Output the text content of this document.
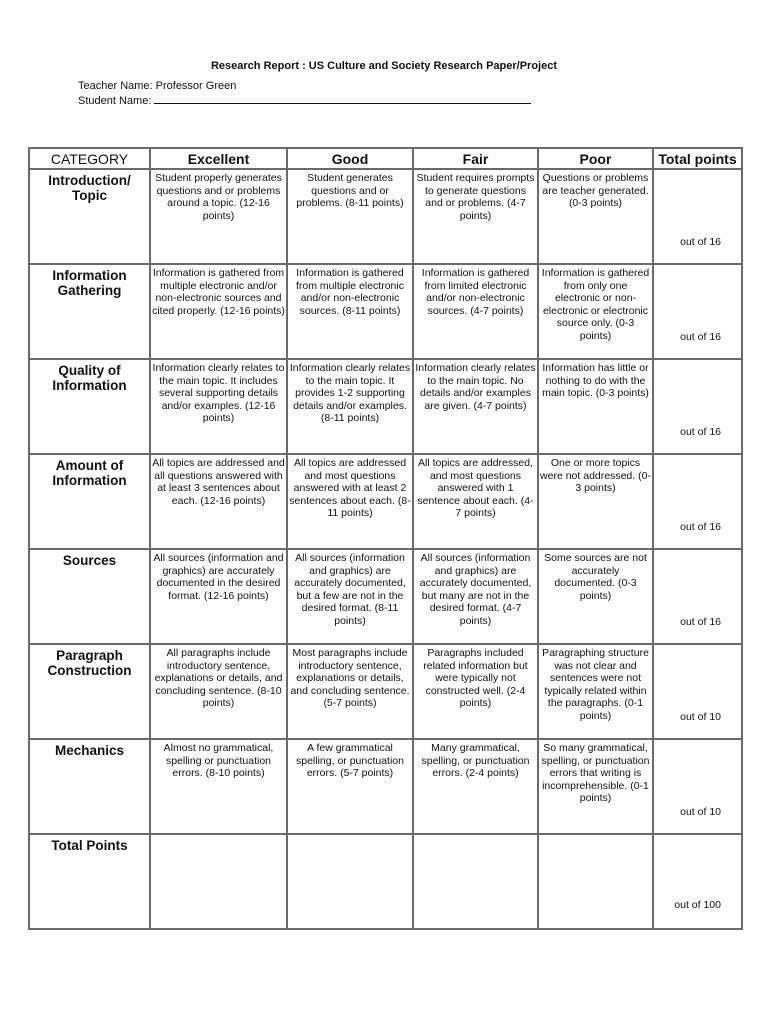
Research Report : US Culture and Society Research Paper/Project
Teacher Name: Professor Green
Student Name:
CATEGORY	Excellent	Good	Fair	Poor	Total points
Introduction/ Topic	Student properly generates questions and or problems around a topic. (12-16 points)	Student generates questions and or problems. (8-11 points)	Student requires prompts to generate questions and or problems. (4-7 points)	Questions or problems are teacher generated. (0-3 points)	out of 16

Information Gathering	Information is gathered from multiple electronic and/or non-electronic sources and cited properly. (12-16 points)	Information is gathered from multiple electronic and/or non-electronic sources. (8-11 points)	Information is gathered from limited electronic and/or non-electronic sources. (4-7 points)	Information is gathered from only one electronic or non-electronic or electronic source only. (0-3 points)	out of 16

Quality of Information	Information clearly relates to the main topic. It includes several supporting details and/or examples. (12-16 points)	Information clearly relates to the main topic. It provides 1-2 supporting details and/or examples. (8-11 points)	Information clearly relates to the main topic. No details and/or examples are given. (4-7 points)	Information has little or nothing to do with the main topic. (0-3 points)	out of 16

Amount of Information	All topics are addressed and all questions answered with at least 3 sentences about each. (12-16 points)	All topics are addressed and most questions answered with at least 2 sentences about each. (8-11 points)	All topics are addressed, and most questions answered with 1 sentence about each. (4-7 points)	One or more topics were not addressed. (0-3 points)	out of 16

Sources	All sources (information and graphics) are accurately documented in the desired format. (12-16 points)	All sources (information and graphics) are accurately documented, but a few are not in the desired format. (8-11 points)	All sources (information and graphics) are accurately documented, but many are not in the desired format. (4-7 points)	Some sources are not accurately documented. (0-3 points)	out of 16

Paragraph Construction	All paragraphs include introductory sentence, explanations or details, and concluding sentence. (8-10 points)	Most paragraphs include introductory sentence, explanations or details, and concluding sentence. (5-7 points)	Paragraphs included related information but were typically not constructed well. (2-4 points)	Paragraphing structure was not clear and sentences were not typically related within the paragraphs. (0-1 points)	out of 10

Mechanics	Almost no grammatical, spelling or punctuation errors. (8-10 points)	A few grammatical spelling, or punctuation errors. (5-7 points)	Many grammatical, spelling, or punctuation errors. (2-4 points)	So many grammatical, spelling, or punctuation errors that writing is incomprehensible. (0-1 points)	out of 10

Total Points					out of 100
